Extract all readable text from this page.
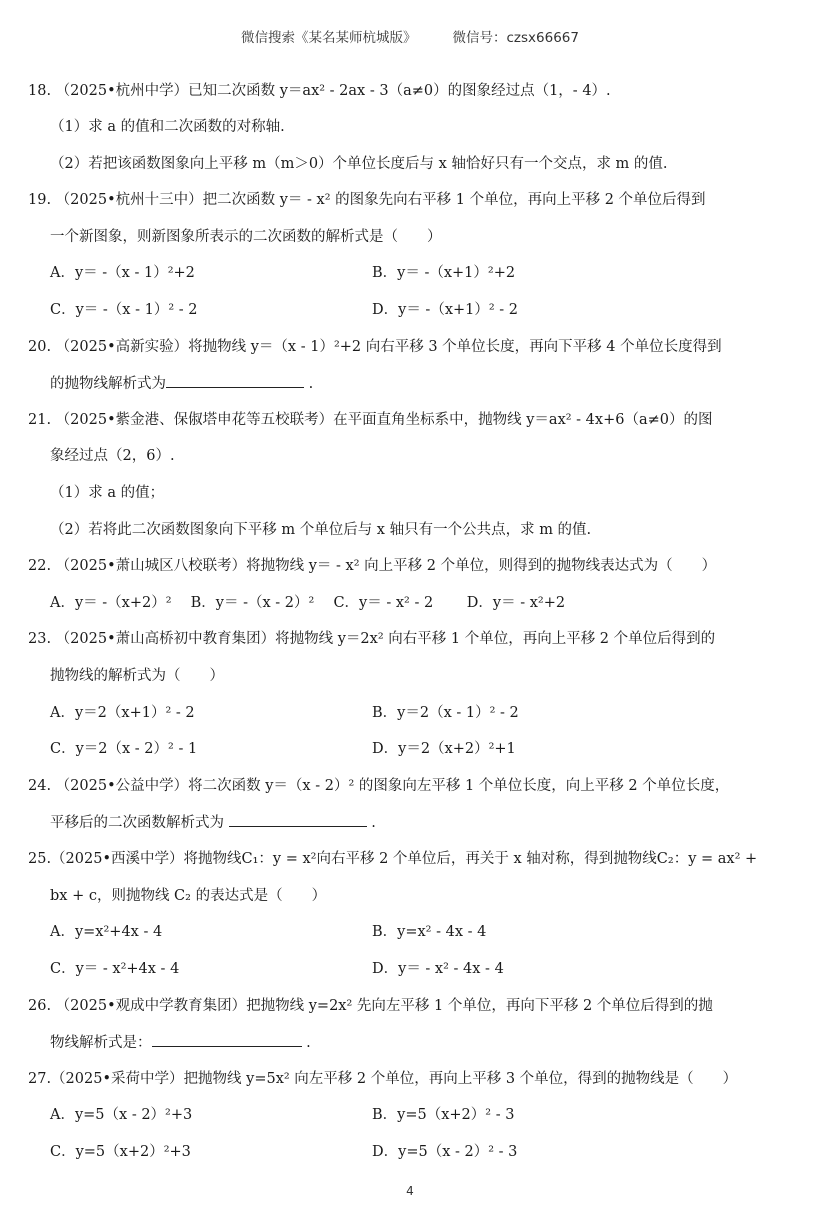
微信搜索《某名某师杭城版》	微信号：czsx66667
18. （2025•杭州中学）已知二次函数 y＝ax² ‑ 2ax ‑ 3（a≠0）的图象经过点（1，‑ 4）.
（1）求 a 的值和二次函数的对称轴.
（2）若把该函数图象向上平移 m（m＞0）个单位长度后与 x 轴恰好只有一个交点，求 m 的值.
19. （2025•杭州十三中）把二次函数 y＝ ‑ x² 的图象先向右平移 1 个单位，再向上平移 2 个单位后得到
一个新图象，则新图象所表示的二次函数的解析式是（　　）
A．y＝ ‑（x ‑ 1）²+2	B．y＝ ‑（x+1）²+2
C．y＝ ‑（x ‑ 1）² ‑ 2	D．y＝ ‑（x+1）² ‑ 2
20. （2025•高新实验）将抛物线 y＝（x ‑ 1）²+2 向右平移 3 个单位长度，再向下平移 4 个单位长度得到
的抛物线解析式为	.
21. （2025•紫金港、保俶塔申花等五校联考）在平面直角坐标系中，抛物线 y＝ax² ‑ 4x+6（a≠0）的图
象经过点（2，6）.
（1）求 a 的值；
（2）若将此二次函数图象向下平移 m 个单位后与 x 轴只有一个公共点，求 m 的值.
22. （2025•萧山城区八校联考）将抛物线 y＝ ‑ x² 向上平移 2 个单位，则得到的抛物线表达式为（　　）
A．y＝ ‑（x+2）²　 B．y＝ ‑（x ‑ 2）²　 C．y＝ ‑ x² ‑ 2　　 D．y＝ ‑ x²+2
23. （2025•萧山高桥初中教育集团）将抛物线 y＝2x² 向右平移 1 个单位，再向上平移 2 个单位后得到的
抛物线的解析式为（　　）
A．y＝2（x+1）² ‑ 2	B．y＝2（x ‑ 1）² ‑ 2
C．y＝2（x ‑ 2）² ‑ 1	D．y＝2（x+2）²+1
24. （2025•公益中学）将二次函数 y＝（x ‑ 2）² 的图象向左平移 1 个单位长度，向上平移 2 个单位长度，
平移后的二次函数解析式为	.
25.（2025•西溪中学）将抛物线C₁：y = x²向右平移 2 个单位后，再关于 x 轴对称，得到抛物线C₂：y = ax² +
bx + c，则抛物线 C₂ 的表达式是（　　）
A．y=x²+4x ‑ 4	B．y=x² ‑ 4x ‑ 4
C．y＝ ‑ x²+4x ‑ 4	D．y＝ ‑ x² ‑ 4x ‑ 4
26. （2025•观成中学教育集团）把抛物线 y=2x² 先向左平移 1 个单位，再向下平移 2 个单位后得到的抛
物线解析式是：	.
27.（2025•采荷中学）把抛物线 y=5x² 向左平移 2 个单位，再向上平移 3 个单位，得到的抛物线是（　　）
A．y=5（x ‑ 2）²+3	B．y=5（x+2）² ‑ 3
C．y=5（x+2）²+3	D．y=5（x ‑ 2）² ‑ 3
4
